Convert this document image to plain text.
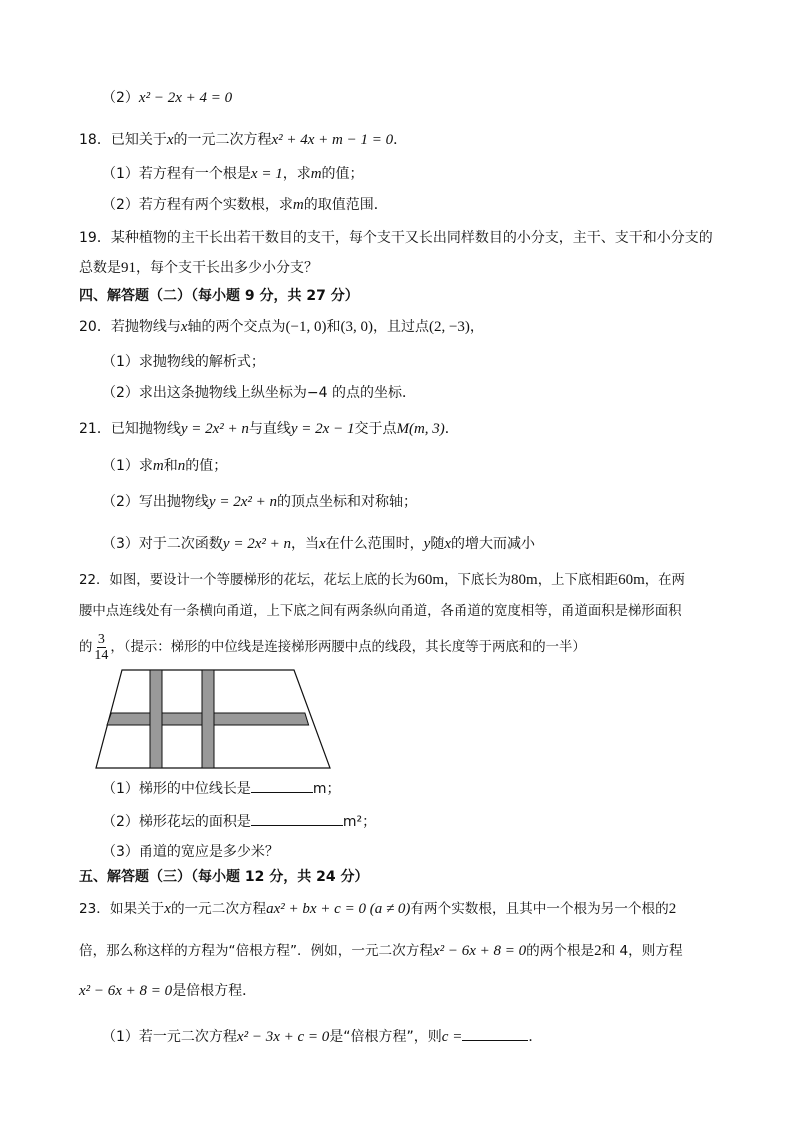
（2）x² − 2x + 4 = 0
18．已知关于x的一元二次方程x² + 4x + m − 1 = 0．
（1）若方程有一个根是x = 1，求m的值；
（2）若方程有两个实数根，求m的取值范围．
19．某种植物的主干长出若干数目的支干，每个支干又长出同样数目的小分支，主干、支干和小分支的
总数是91，每个支干长出多少小分支？
四、解答题（二）（每小题 9 分，共 27 分）
20．若抛物线与x轴的两个交点为(−1, 0)和(3, 0)，且过点(2, −3)，
（1）求抛物线的解析式；
（2）求出这条抛物线上纵坐标为−4 的点的坐标．
21．已知抛物线y = 2x² + n与直线y = 2x − 1交于点M(m, 3)．
（1）求m和n的值；
（2）写出抛物线y = 2x² + n的顶点坐标和对称轴；
（3）对于二次函数y = 2x² + n，当x在什么范围时，y随x的增大而减小
22．如图，要设计一个等腰梯形的花坛，花坛上底的长为60m，下底长为80m，上下底相距60m，在两
腰中点连线处有一条横向甬道，上下底之间有两条纵向甬道，各甬道的宽度相等，甬道面积是梯形面积
的 $\frac{3}{14}$ ，（提示：梯形的中位线是连接梯形两腰中点的线段，其长度等于两底和的一半）
（1）梯形的中位线长是	m；
（2）梯形花坛的面积是	m²；
（3）甬道的宽应是多少米？
五、解答题（三）（每小题 12 分，共 24 分）
23．如果关于x的一元二次方程ax² + bx + c = 0 (a ≠ 0)有两个实数根，且其中一个根为另一个根的2
倍，那么称这样的方程为“倍根方程”．例如，一元二次方程x² − 6x + 8 = 0的两个根是2和 4，则方程
x² − 6x + 8 = 0是倍根方程．
（1）若一元二次方程x² − 3x + c = 0是“倍根方程”，则c =	．
